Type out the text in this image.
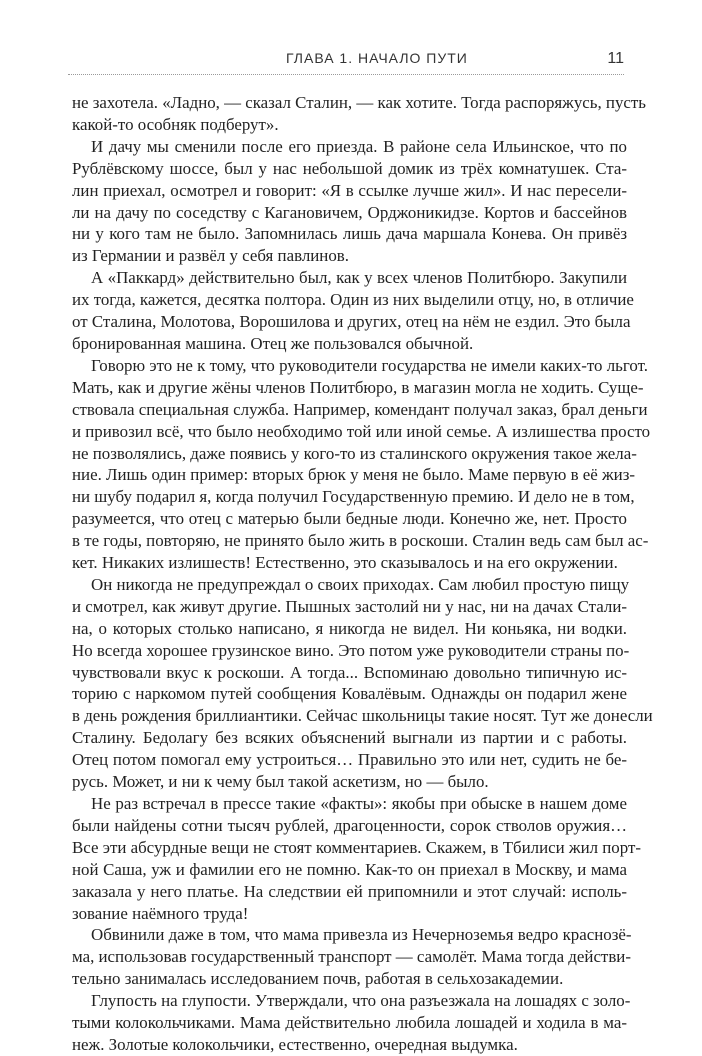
ГЛАВА 1. НАЧАЛО ПУТИ	11

не захотела. «Ладно, — сказал Сталин, — как хотите. Тогда распоряжусь, пусть
какой-то особняк подберут».

И дачу мы сменили после его приезда. В районе села Ильинское, что по
Рублёвскому шоссе, был у нас небольшой домик из трёх комнатушек. Ста-
лин приехал, осмотрел и говорит: «Я в ссылке лучше жил». И нас пересели-
ли на дачу по соседству с Кагановичем, Орджоникидзе. Кортов и бассейнов
ни у кого там не было. Запомнилась лишь дача маршала Конева. Он привёз
из Германии и развёл у себя павлинов.

А «Паккард» действительно был, как у всех членов Политбюро. Закупили
их тогда, кажется, десятка полтора. Один из них выделили отцу, но, в отличие
от Сталина, Молотова, Ворошилова и других, отец на нём не ездил. Это была
бронированная машина. Отец же пользовался обычной.

Говорю это не к тому, что руководители государства не имели каких-то льгот.
Мать, как и другие жёны членов Политбюро, в магазин могла не ходить. Суще-
ствовала специальная служба. Например, комендант получал заказ, брал деньги
и привозил всё, что было необходимо той или иной семье. А излишества просто
не позволялись, даже появись у кого-то из сталинского окружения такое жела-
ние. Лишь один пример: вторых брюк у меня не было. Маме первую в её жиз-
ни шубу подарил я, когда получил Государственную премию. И дело не в том,
разумеется, что отец с матерью были бедные люди. Конечно же, нет. Просто
в те годы, повторяю, не принято было жить в роскоши. Сталин ведь сам был ас-
кет. Никаких излишеств! Естественно, это сказывалось и на его окружении.

Он никогда не предупреждал о своих приходах. Сам любил простую пищу
и смотрел, как живут другие. Пышных застолий ни у нас, ни на дачах Стали-
на, о которых столько написано, я никогда не видел. Ни коньяка, ни водки.
Но всегда хорошее грузинское вино. Это потом уже руководители страны по-
чувствовали вкус к роскоши. А тогда... Вспоминаю довольно типичную ис-
торию с наркомом путей сообщения Ковалёвым. Однажды он подарил жене
в день рождения бриллиантики. Сейчас школьницы такие носят. Тут же донесли
Сталину. Бедолагу без всяких объяснений выгнали из партии и с работы.
Отец потом помогал ему устроиться… Правильно это или нет, судить не бе-
русь. Может, и ни к чему был такой аскетизм, но — было.

Не раз встречал в прессе такие «факты»: якобы при обыске в нашем доме
были найдены сотни тысяч рублей, драгоценности, сорок стволов оружия…
Все эти абсурдные вещи не стоят комментариев. Скажем, в Тбилиси жил порт-
ной Саша, уж и фамилии его не помню. Как-то он приехал в Москву, и мама
заказала у него платье. На следствии ей припомнили и этот случай: исполь-
зование наёмного труда!

Обвинили даже в том, что мама привезла из Нечерноземья ведро краснозё-
ма, использовав государственный транспорт — самолёт. Мама тогда действи-
тельно занималась исследованием почв, работая в сельхозакадемии.

Глупость на глупости. Утверждали, что она разъезжала на лошадях с золо-
тыми колокольчиками. Мама действительно любила лошадей и ходила в ма-
неж. Золотые колокольчики, естественно, очередная выдумка.
